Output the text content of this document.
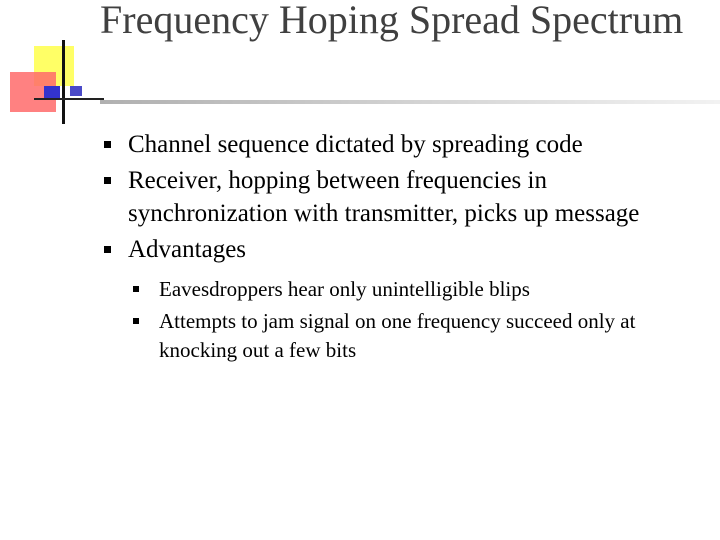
Frequency Hoping Spread Spectrum
Channel sequence dictated by spreading code
Receiver, hopping between frequencies in synchronization with transmitter, picks up message
Advantages
Eavesdroppers hear only unintelligible blips
Attempts to jam signal on one frequency succeed only at knocking out a few bits
